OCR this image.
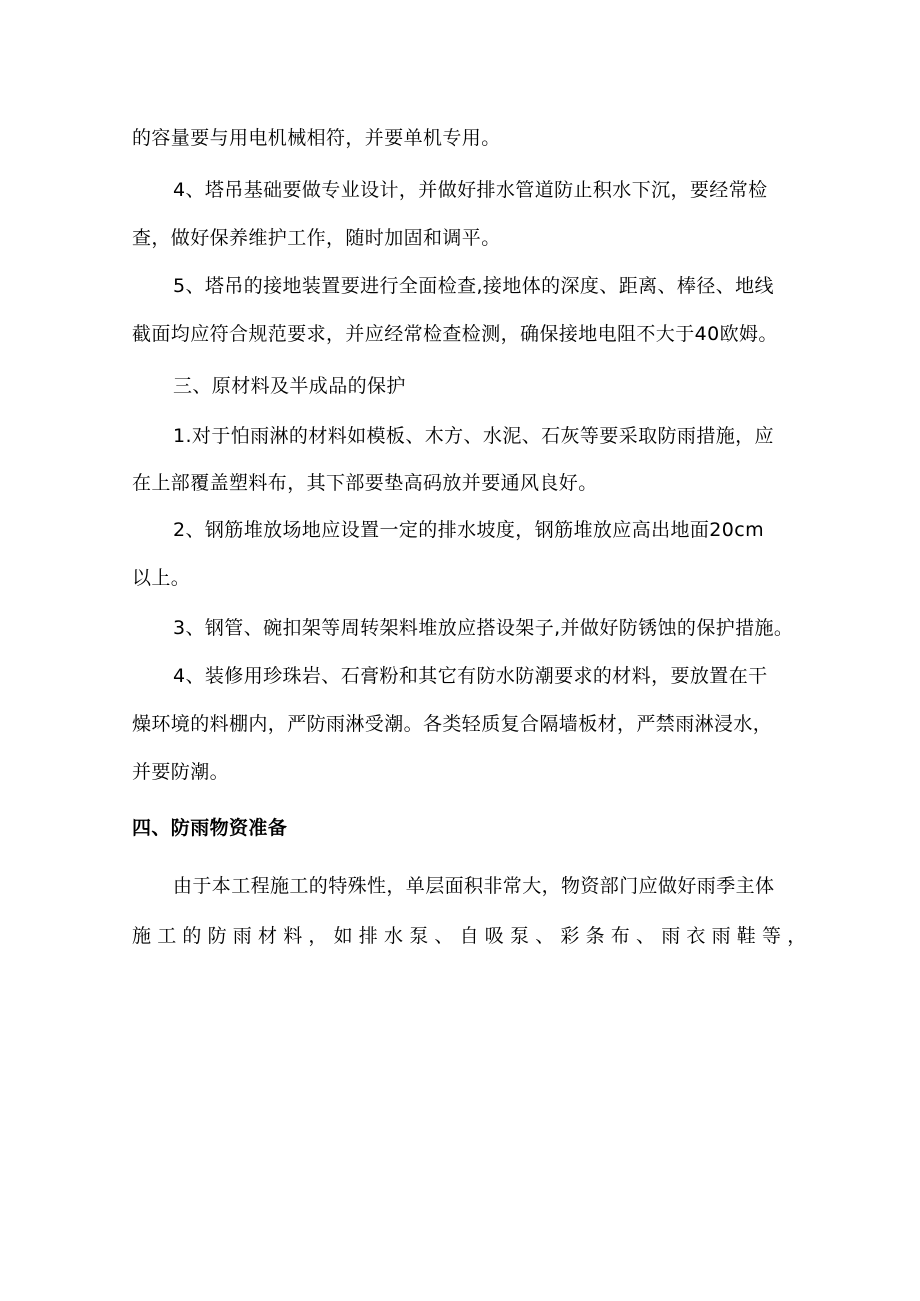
的容量要与用电机械相符，并要单机专用。
4、塔吊基础要做专业设计，并做好排水管道防止积水下沉，要经常检
查，做好保养维护工作，随时加固和调平。
5、塔吊的接地装置要进行全面检查,接地体的深度、距离、棒径、地线
截面均应符合规范要求，并应经常检查检测，确保接地电阻不大于40欧姆。
三、原材料及半成品的保护
1.对于怕雨淋的材料如模板、木方、水泥、石灰等要采取防雨措施，应
在上部覆盖塑料布，其下部要垫高码放并要通风良好。
2、钢筋堆放场地应设置一定的排水坡度，钢筋堆放应高出地面20cm
以上。
3、钢管、碗扣架等周转架料堆放应搭设架子,并做好防锈蚀的保护措施。
4、装修用珍珠岩、石膏粉和其它有防水防潮要求的材料，要放置在干
燥环境的料棚内，严防雨淋受潮。各类轻质复合隔墙板材，严禁雨淋浸水，
并要防潮。
四、防雨物资准备
由于本工程施工的特殊性，单层面积非常大，物资部门应做好雨季主体
施工的防雨材料，如排水泵、自吸泵、彩条布、雨衣雨鞋等，
